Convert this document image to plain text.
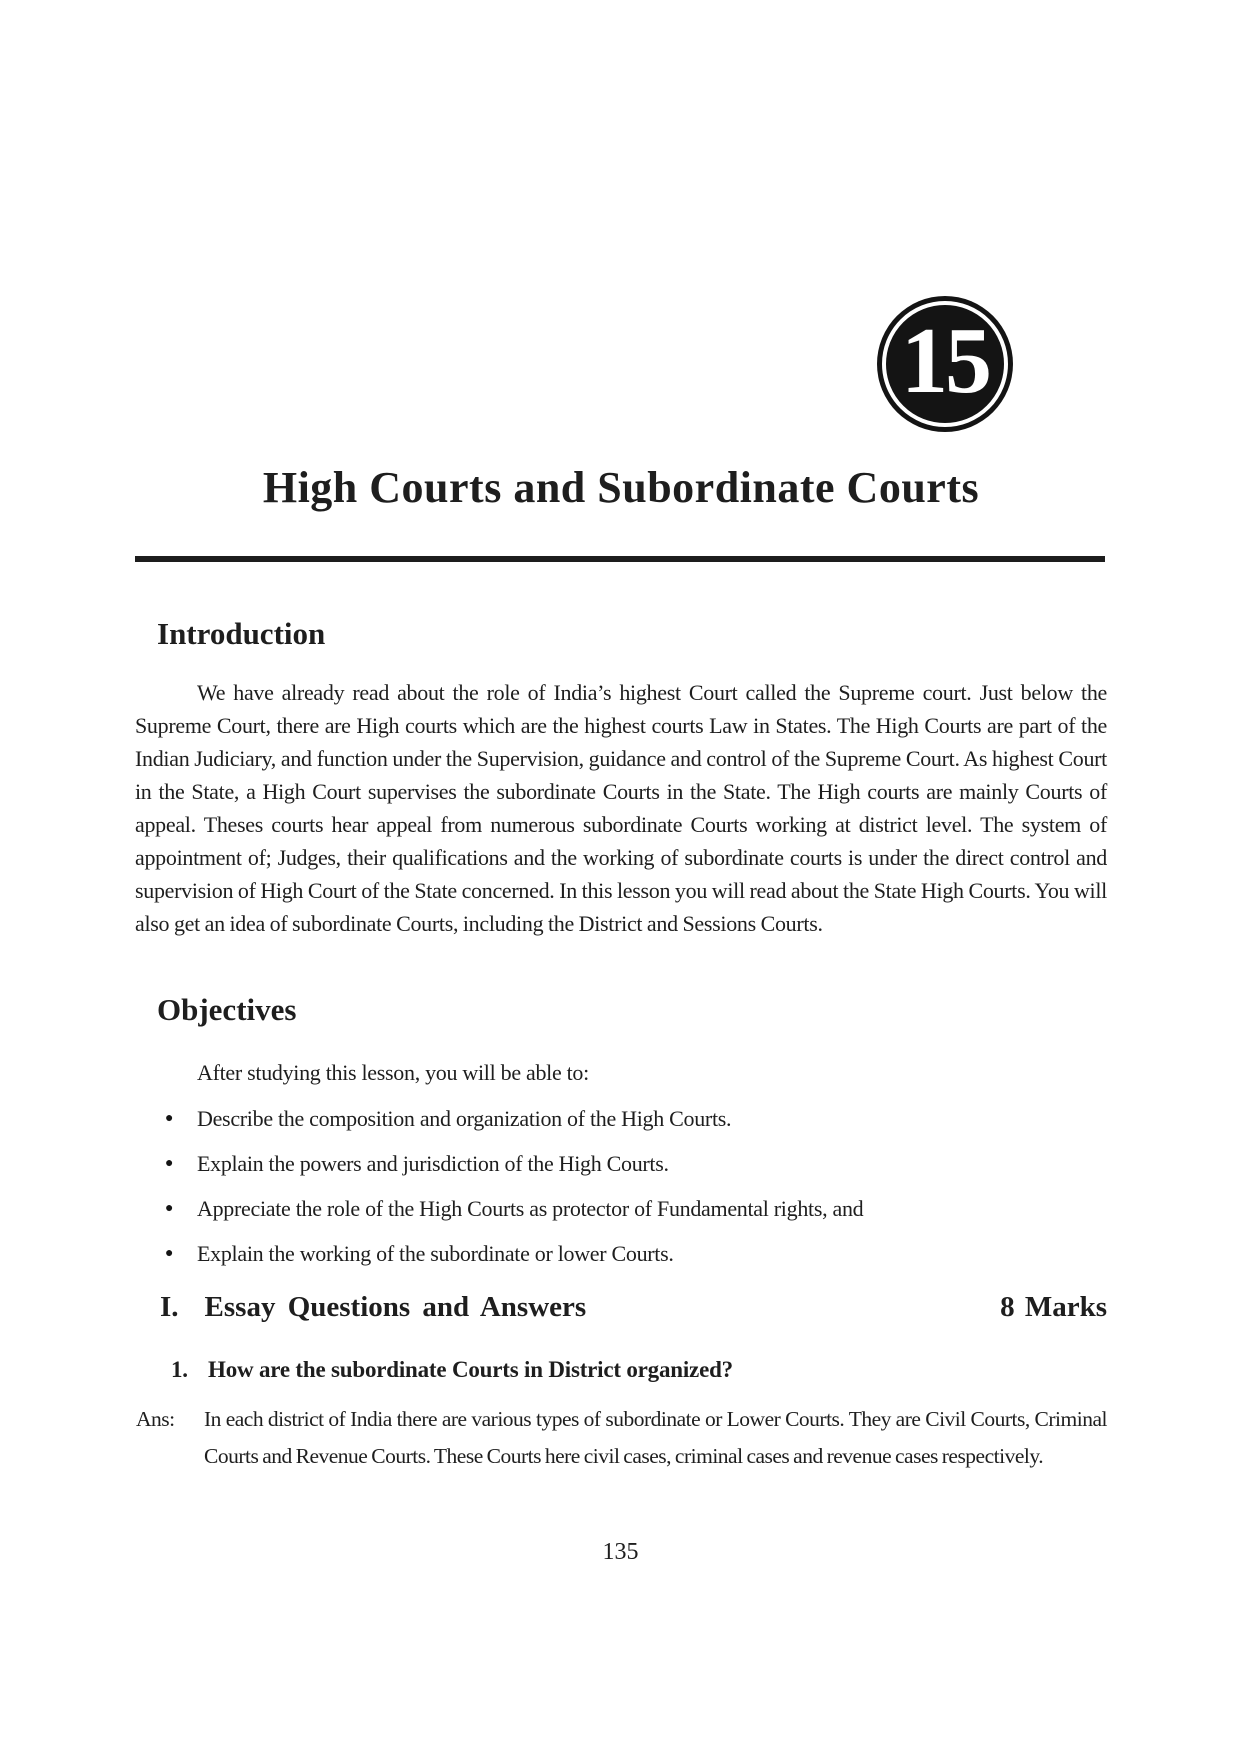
15
High Courts and Subordinate Courts
Introduction

We have already read about the role of India’s highest Court called the Supreme court. Just below the Supreme Court, there are High courts which are the highest courts Law in States. The High Courts are part of the Indian Judiciary, and function under the Supervision, guidance and control of the Supreme Court. As highest Court in the State, a High Court supervises the subordinate Courts in the State. The High courts are mainly Courts of appeal. Theses courts hear appeal from numerous subordinate Courts working at district level. The system of appointment of; Judges, their qualifications and the working of subordinate courts is under the direct control and supervision of High Court of the State concerned. In this lesson you will read about the State High Courts. You will also get an idea of subordinate Courts, including the District and Sessions Courts.

Objectives

After studying this lesson, you will be able to:

●	Describe the composition and organization of the High Courts.
●	Explain the powers and jurisdiction of the High Courts.
●	Appreciate the role of the High Courts as protector of Fundamental rights, and
●	Explain the working of the subordinate or lower Courts.
I. Essay Questions and Answers	8 Marks
1. How are the subordinate Courts in District organized?
Ans:	In each district of India there are various types of subordinate or Lower Courts. They are Civil Courts, Criminal Courts and Revenue Courts. These Courts here civil cases, criminal cases and revenue cases respectively.
135
